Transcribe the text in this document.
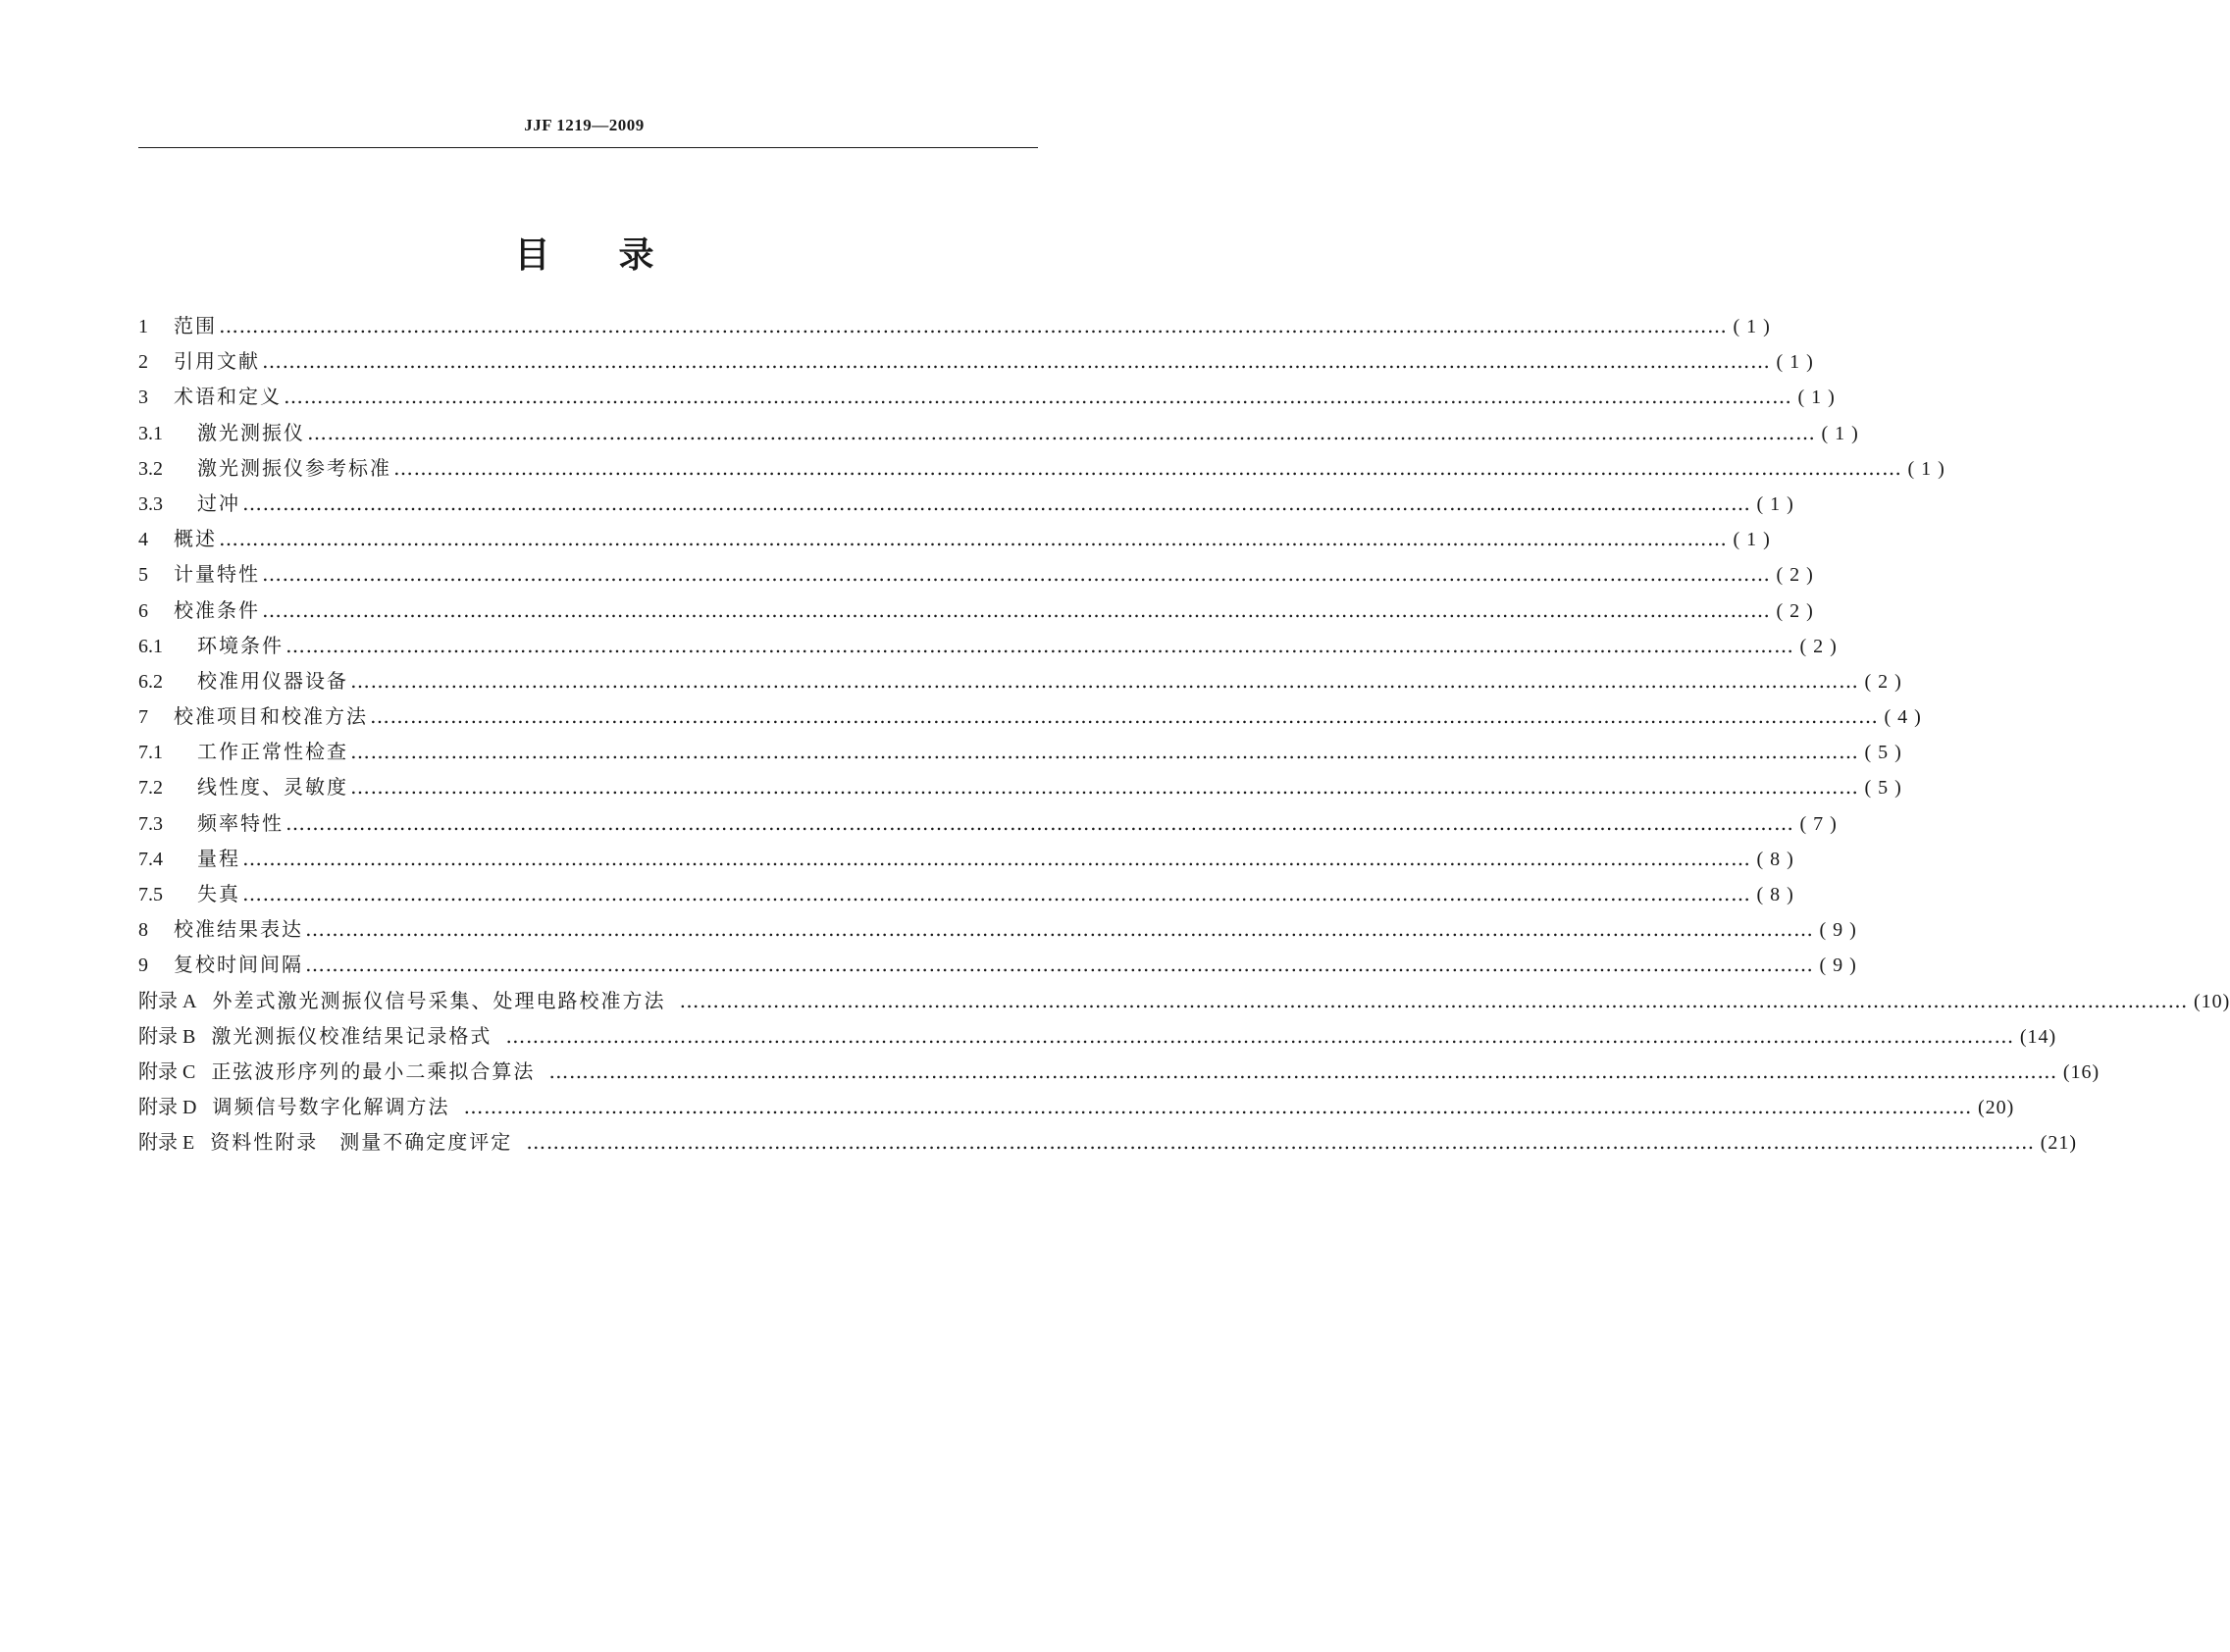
JJF 1219—2009
目录
1	范围 ……………………………………………………………………………………………………………………………………………………………………………………………………… ( 1 )
2	引用文献 ……………………………………………………………………………………………………………………………………………………………………………………………………… ( 1 )
3	术语和定义 ……………………………………………………………………………………………………………………………………………………………………………………………………… ( 1 )
3.1	激光测振仪 ……………………………………………………………………………………………………………………………………………………………………………………………………… ( 1 )
3.2	激光测振仪参考标准 ……………………………………………………………………………………………………………………………………………………………………………………………………… ( 1 )
3.3	过冲 ……………………………………………………………………………………………………………………………………………………………………………………………………… ( 1 )
4	概述 ……………………………………………………………………………………………………………………………………………………………………………………………………… ( 1 )
5	计量特性 ……………………………………………………………………………………………………………………………………………………………………………………………………… ( 2 )
6	校准条件 ……………………………………………………………………………………………………………………………………………………………………………………………………… ( 2 )
6.1	环境条件 ……………………………………………………………………………………………………………………………………………………………………………………………………… ( 2 )
6.2	校准用仪器设备 ……………………………………………………………………………………………………………………………………………………………………………………………………… ( 2 )
7	校准项目和校准方法 ……………………………………………………………………………………………………………………………………………………………………………………………………… ( 4 )
7.1	工作正常性检查 ……………………………………………………………………………………………………………………………………………………………………………………………………… ( 5 )
7.2	线性度、灵敏度 ……………………………………………………………………………………………………………………………………………………………………………………………………… ( 5 )
7.3	频率特性 ……………………………………………………………………………………………………………………………………………………………………………………………………… ( 7 )
7.4	量程 ……………………………………………………………………………………………………………………………………………………………………………………………………… ( 8 )
7.5	失真 ……………………………………………………………………………………………………………………………………………………………………………………………………… ( 8 )
8	校准结果表达 ……………………………………………………………………………………………………………………………………………………………………………………………………… ( 9 )
9	复校时间间隔 ……………………………………………………………………………………………………………………………………………………………………………………………………… ( 9 )
附录 A 外差式激光测振仪信号采集、处理电路校准方法 ……………………………………………………………………………………………………………………………………………………………………………………………………… (10)
附录 B 激光测振仪校准结果记录格式 ……………………………………………………………………………………………………………………………………………………………………………………………………… (14)
附录 C 正弦波形序列的最小二乘拟合算法 ……………………………………………………………………………………………………………………………………………………………………………………………………… (16)
附录 D 调频信号数字化解调方法 ……………………………………………………………………………………………………………………………………………………………………………………………………… (20)
附录 E 资料性附录　测量不确定度评定 ……………………………………………………………………………………………………………………………………………………………………………………………………… (21)
